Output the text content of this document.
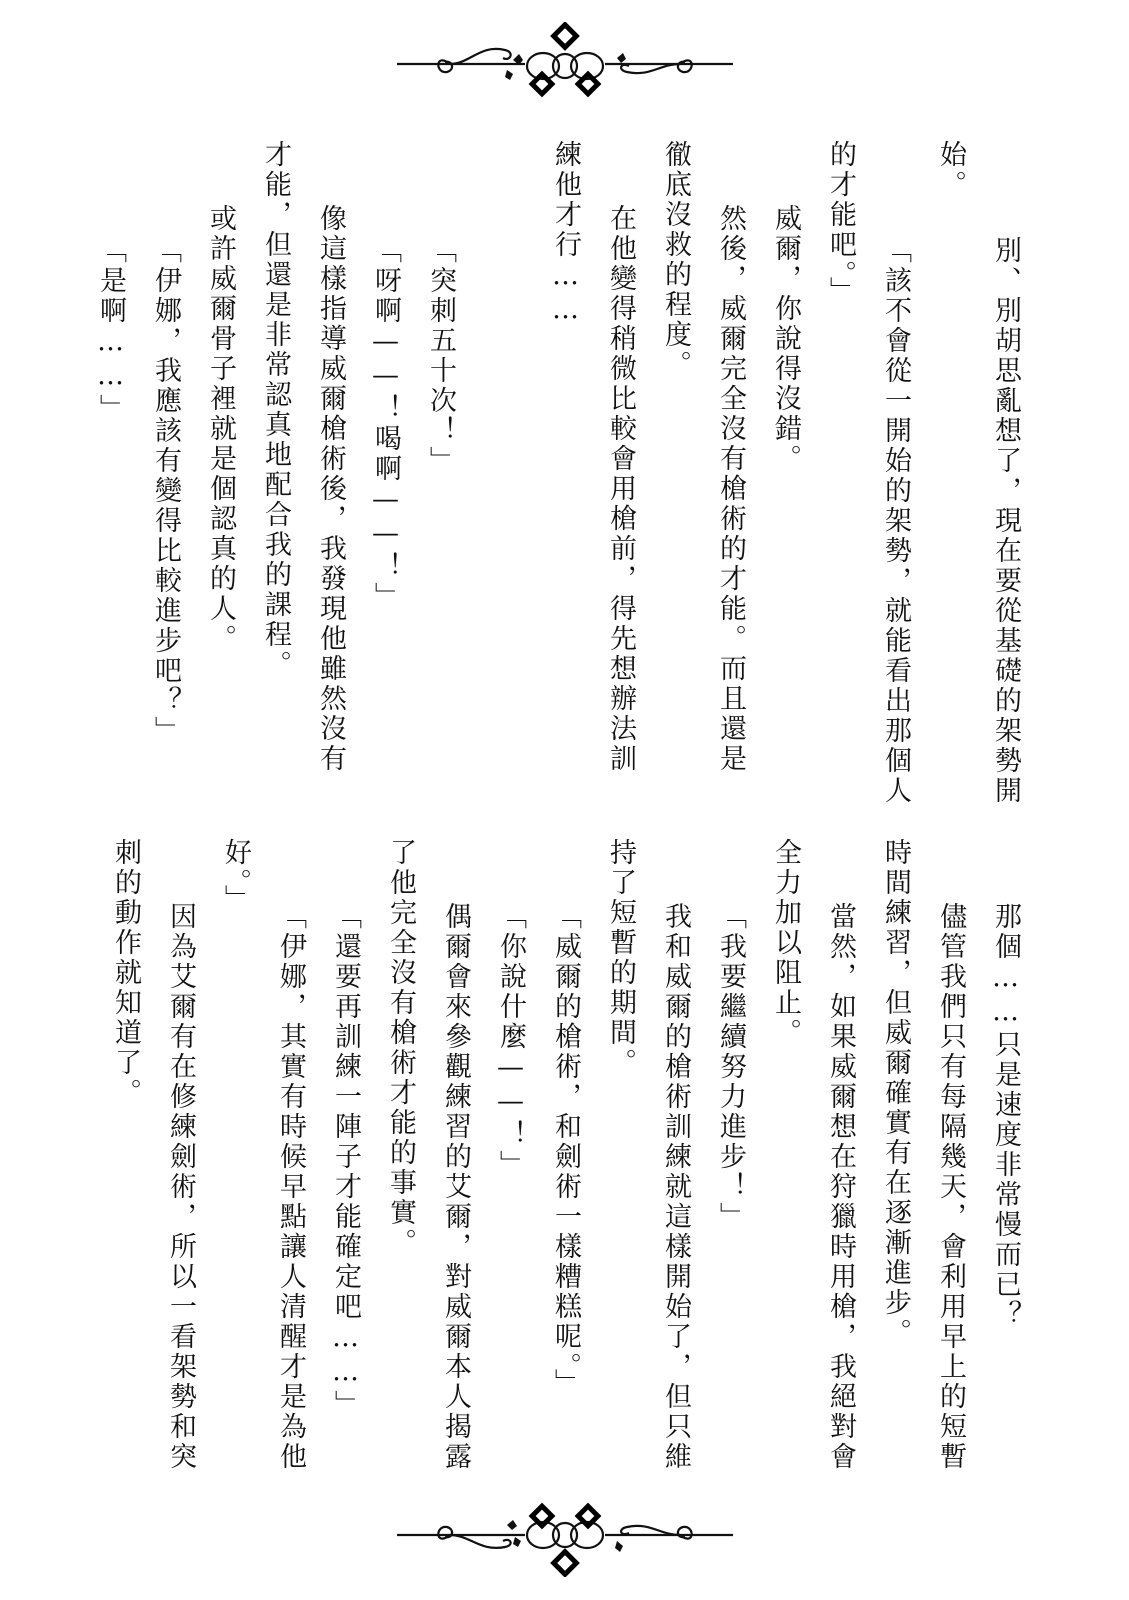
別、別胡思亂想了，現在要從基礎的架勢開
始。
「該不會從一開始的架勢，就能看出那個人
的才能吧。」
威爾，你說得沒錯。
然後，威爾完全沒有槍術的才能。而且還是
徹底沒救的程度。
在他變得稍微比較會用槍前，得先想辦法訓
練他才行……
「突刺五十次！」
「呀啊——！喝啊——！」
像這樣指導威爾槍術後，我發現他雖然沒有
才能，但還是非常認真地配合我的課程。
或許威爾骨子裡就是個認真的人。
「伊娜，我應該有變得比較進步吧？」
「是啊……」
那個……只是速度非常慢而已？
儘管我們只有每隔幾天，會利用早上的短暫
時間練習，但威爾確實有在逐漸進步。
當然，如果威爾想在狩獵時用槍，我絕對會
全力加以阻止。
「我要繼續努力進步！」
我和威爾的槍術訓練就這樣開始了，但只維
持了短暫的期間。
「威爾的槍術，和劍術一樣糟糕呢。」
「你說什麼——！」
偶爾會來參觀練習的艾爾，對威爾本人揭露
了他完全沒有槍術才能的事實。
「還要再訓練一陣子才能確定吧……」
「伊娜，其實有時候早點讓人清醒才是為他
好。」
因為艾爾有在修練劍術，所以一看架勢和突
刺的動作就知道了。
